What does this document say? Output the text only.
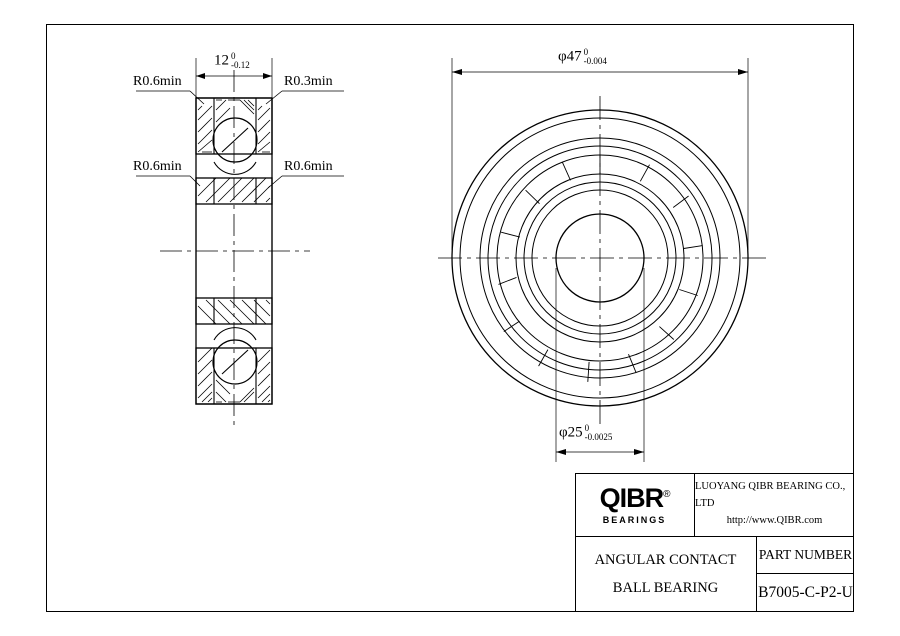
12 0
-0.12
φ47 0
-0.004
φ25 0
-0.0025
R0.6min	R0.3min
R0.6min	R0.6min
QIBR®
BEARINGS
LUOYANG QIBR BEARING CO., LTD
http://www.QIBR.com
ANGULAR CONTACT
BALL BEARING
PART NUMBER
B7005-C-P2-U
